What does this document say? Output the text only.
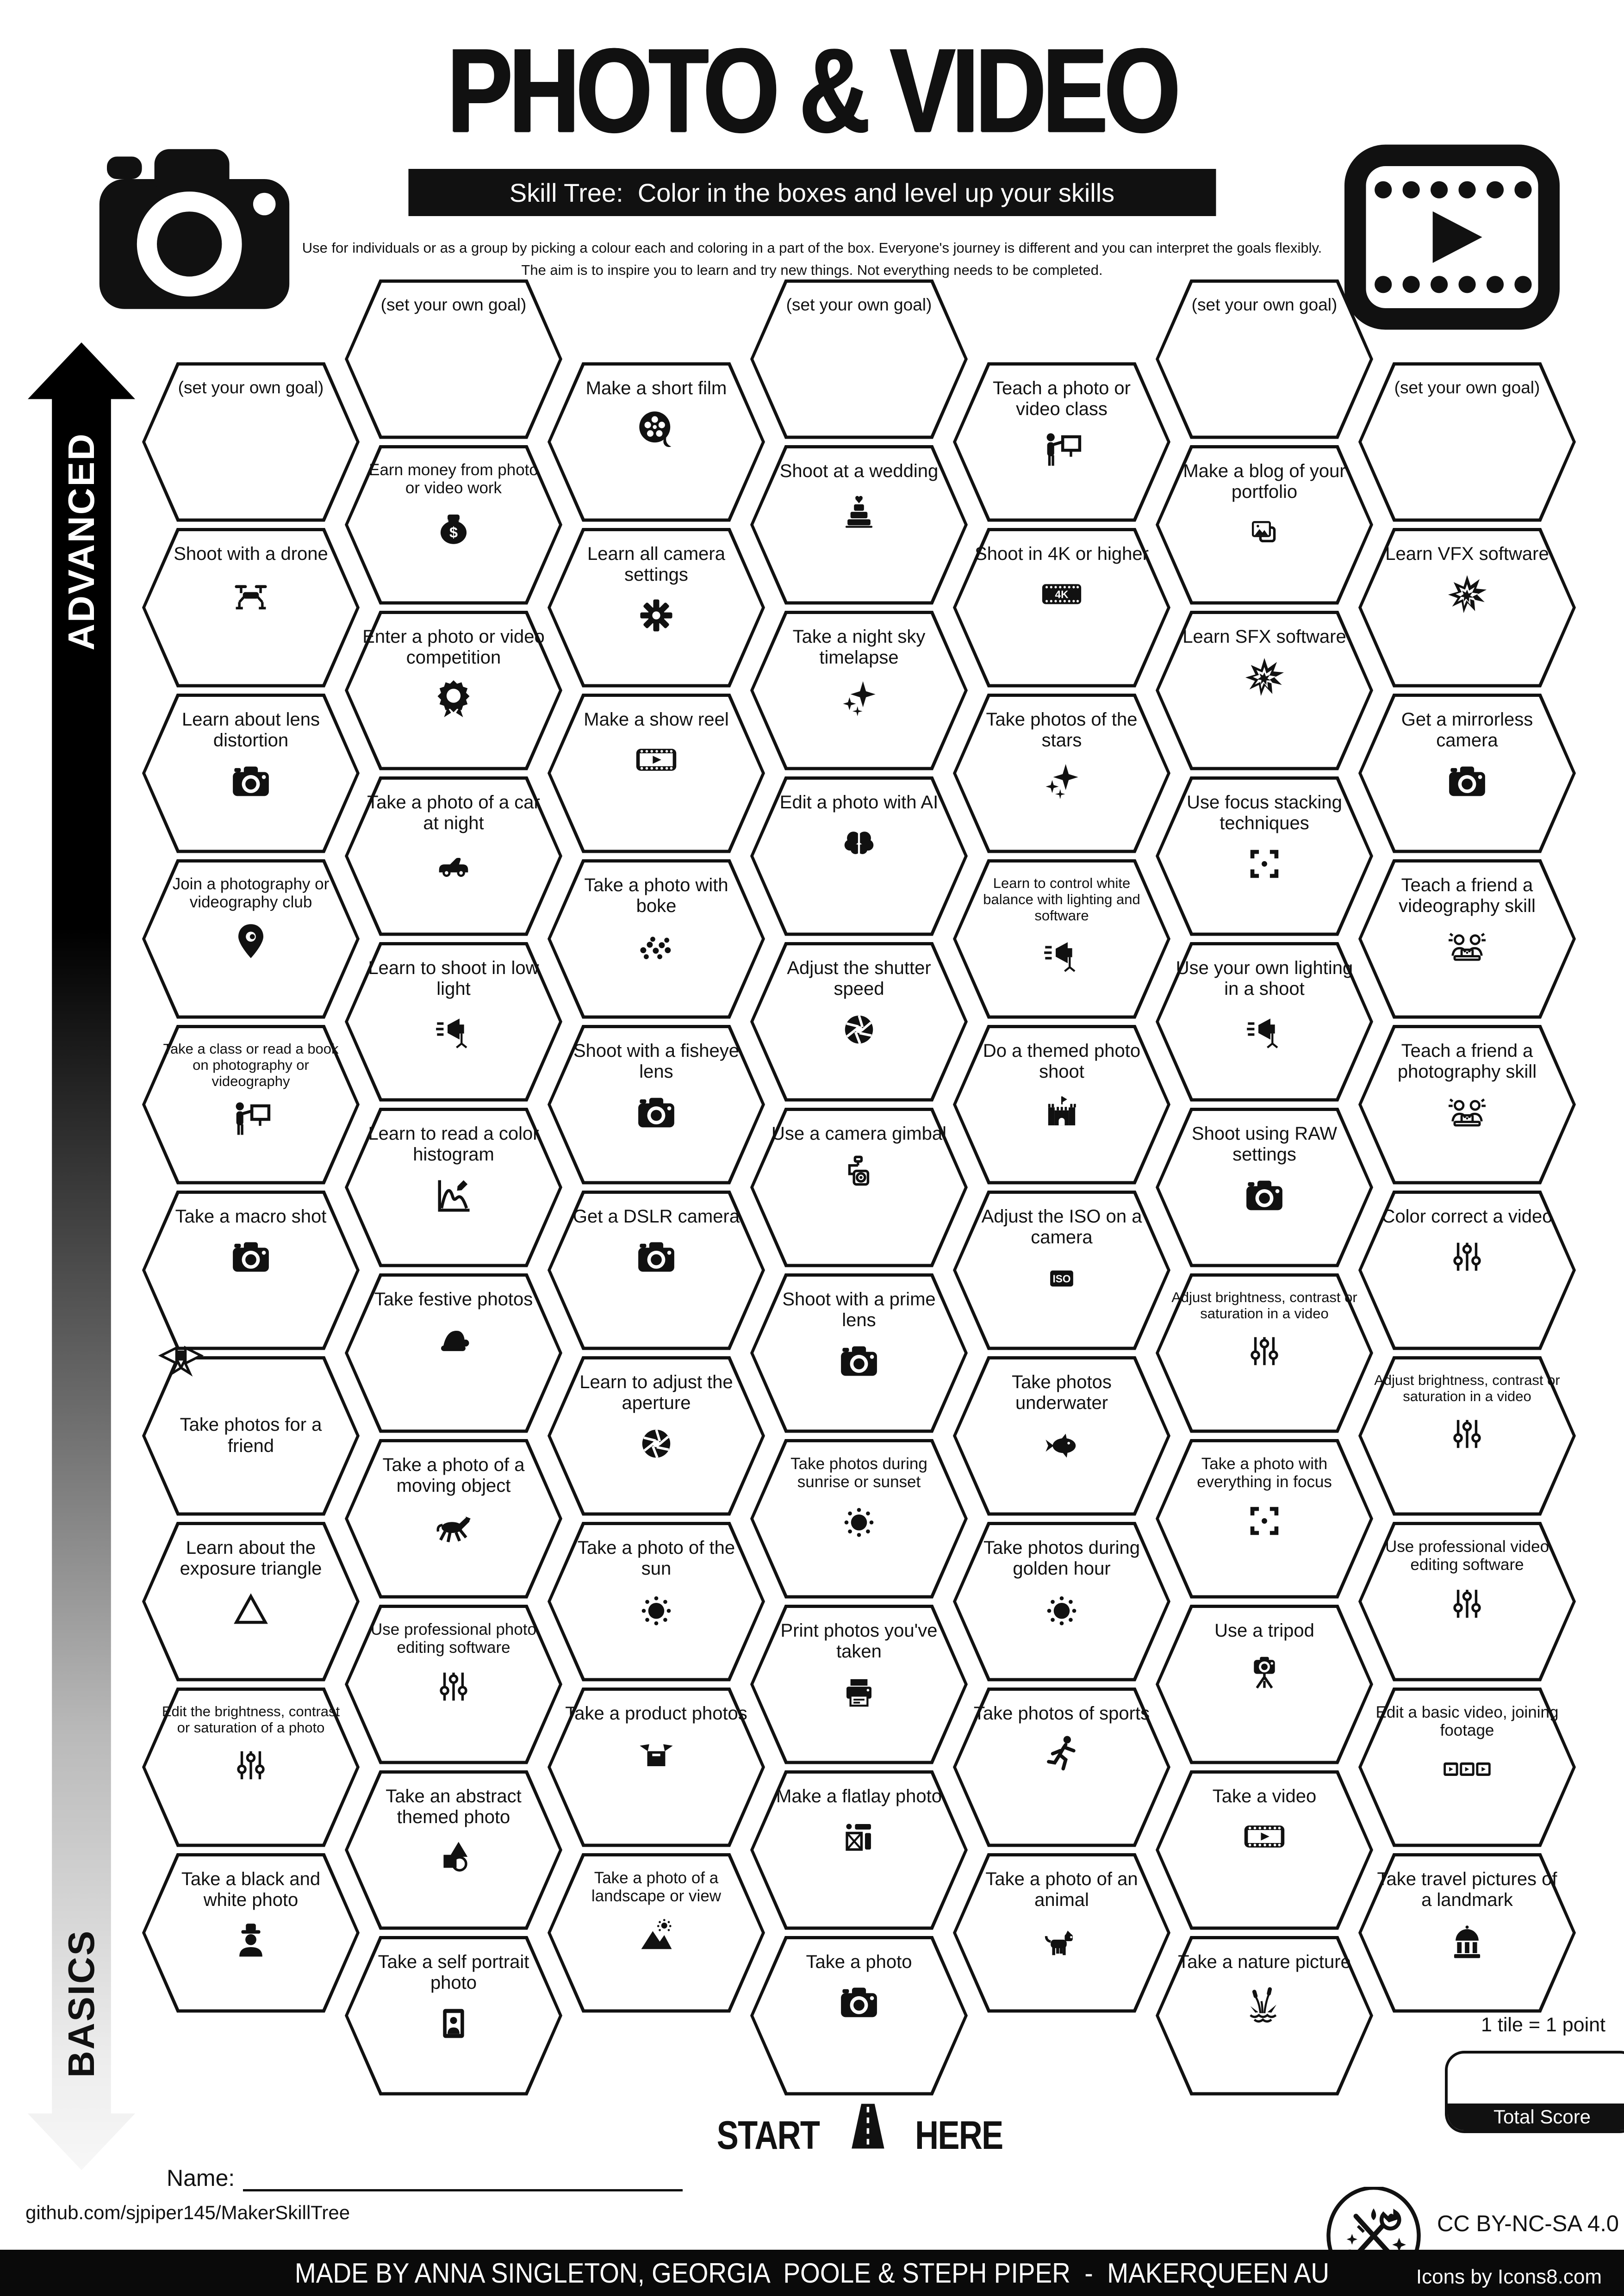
PHOTO & VIDEO
Skill Tree:  Color in the boxes and level up your skills
Use for individuals or as a group by picking a colour each and coloring in a part of the box. Everyone's journey is different and you can interpret the goals flexibly. The aim is to inspire you to learn and try new things. Not everything needs to be completed.
ADVANCED
BASICS
(set your own goal)
Shoot with a drone
Learn about lens distortion
Join a photography or videography club
Take a class or read a book on photography or videography
Take a macro shot
Take photos for a friend
Learn about the exposure triangle
Edit the brightness, contrast or saturation of a photo
Take a black and white photo
(set your own goal)
Earn money from photo or video work
$
Enter a photo or video competition
Take a photo of a car at night
Learn to shoot in low light
Learn to read a color histogram
Take festive photos
Take a photo of a moving object
Use professional photo editing software
Take an abstract themed photo
Take a self portrait photo
Make a short film
Learn all camera settings
Make a show reel
Take a photo with boke
Shoot with a fisheye lens
Get a DSLR camera
Learn to adjust the aperture
Take a photo of the sun
Take a product photos
Take a photo of a landscape or view
(set your own goal)
Shoot at a wedding
Take a night sky timelapse
Edit a photo with AI
Adjust the shutter speed
Use a camera gimbal
Shoot with a prime lens
Take photos during sunrise or sunset
Print photos you've taken
Make a flatlay photo
Take a photo
Teach a photo or video class
Shoot in 4K or higher
4K
Take photos of the stars
Learn to control white balance with lighting and software
Do a themed photo shoot
Adjust the ISO on a camera
ISO
Take photos underwater
Take photos during golden hour
Take photos of sports
Take a photo of an animal
(set your own goal)
Make a blog of your portfolio
Learn SFX software
Use focus stacking techniques
Use your own lighting in a shoot
Shoot using RAW settings
Adjust brightness, contrast or saturation in a video
Take a photo with everything in focus
Use a tripod
Take a video
Take a nature picture
(set your own goal)
Learn VFX software
Get a mirrorless camera
Teach a friend a videography skill
Teach a friend a photography skill
Color correct a video
Adjust brightness, contrast or saturation in a video
Use professional video editing software
Edit a basic video, joining footage
Take travel pictures of a landmark
START HERE
Name:
github.com/sjpiper145/MakerSkillTree
1 tile = 1 point
Total Score
CC BY-NC-SA 4.0
MADE BY ANNA SINGLETON, GEORGIA  POOLE & STEPH PIPER  -  MAKERQUEEN AU	Icons by Icons8.com
